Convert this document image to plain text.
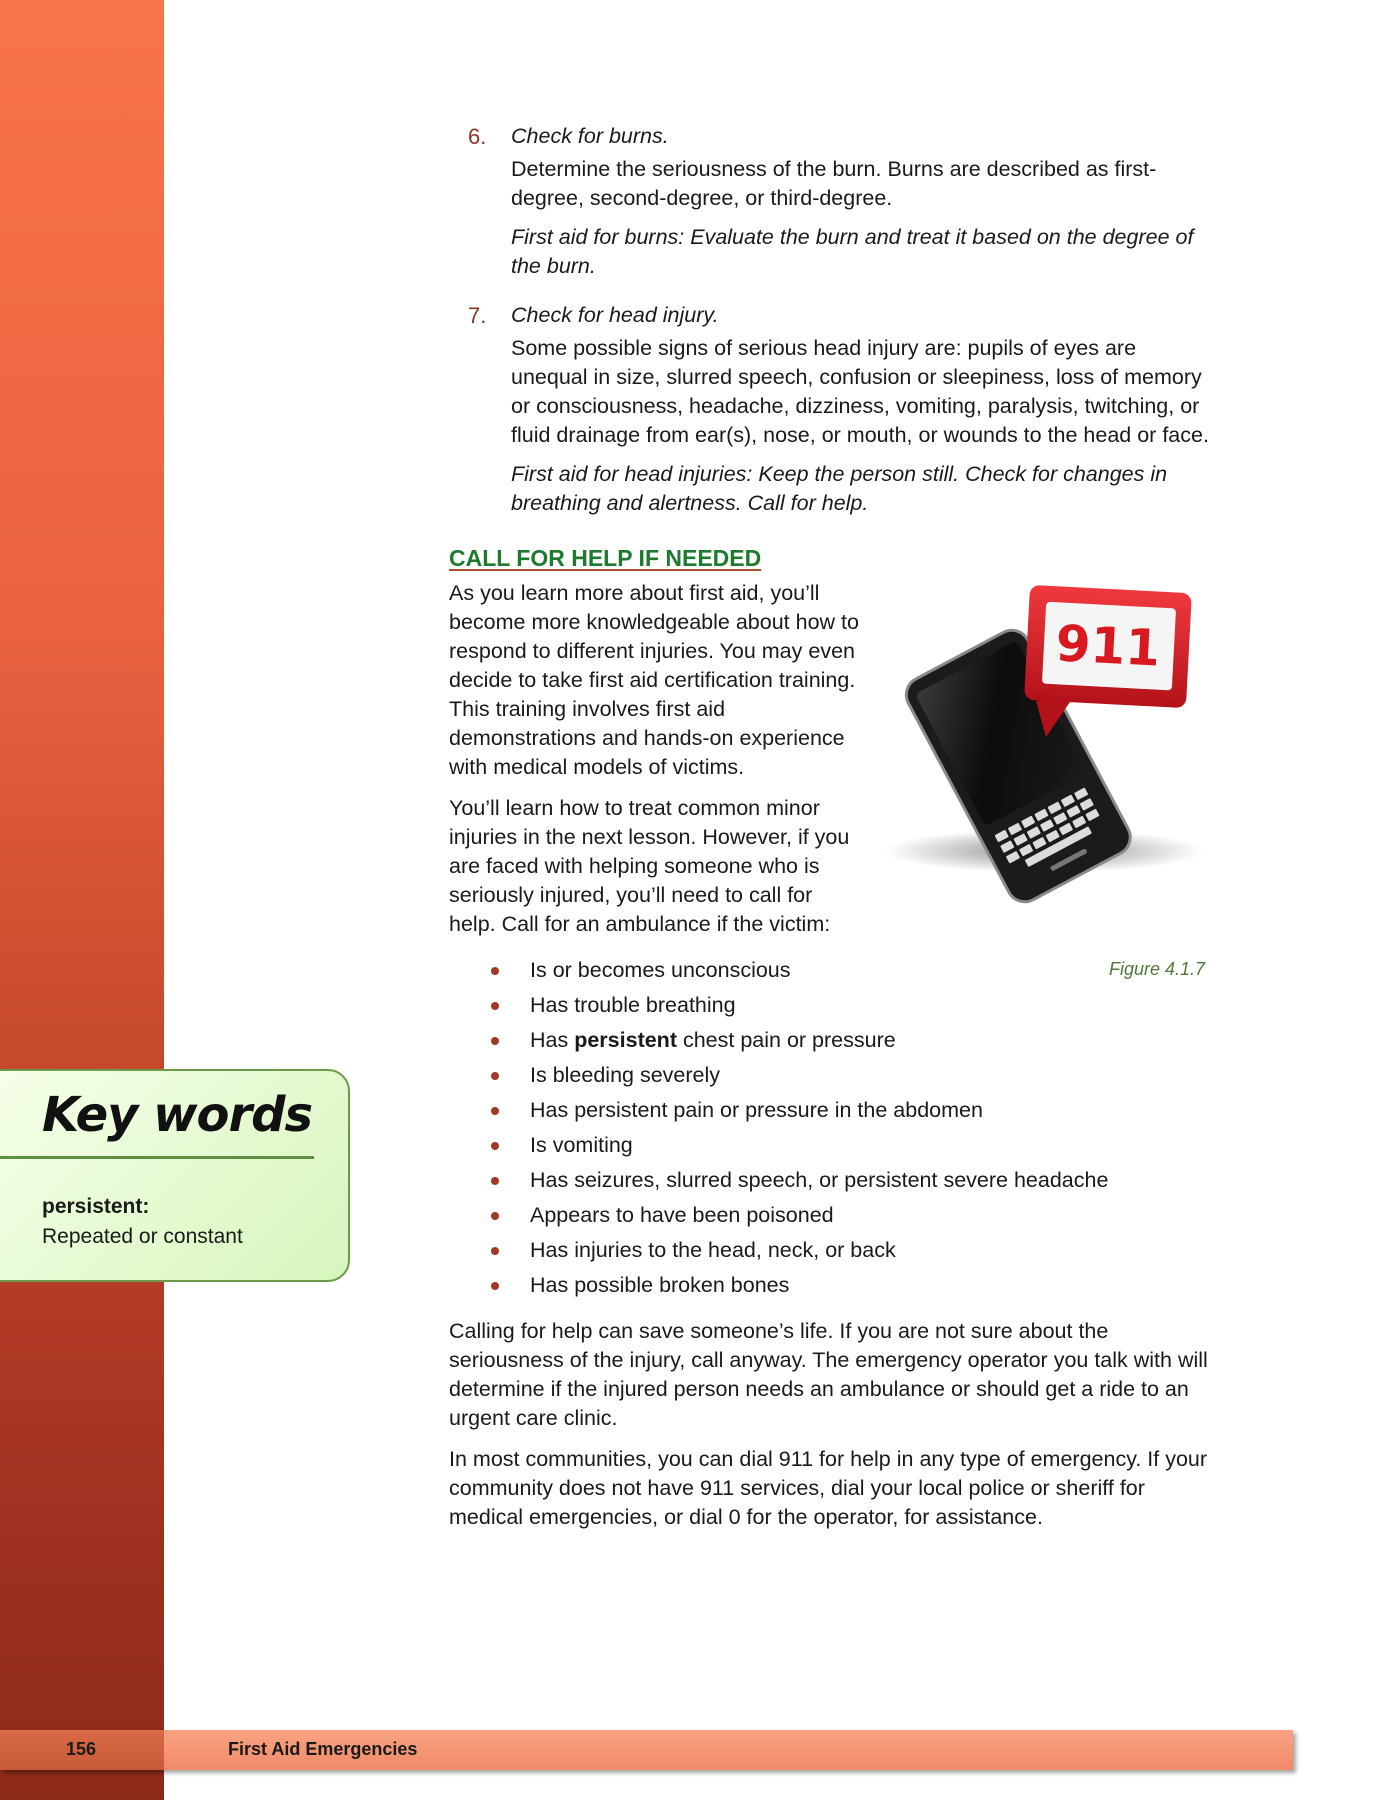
6. Check for burns.

Determine the seriousness of the burn. Burns are described as first-degree, second-degree, or third-degree.

First aid for burns: Evaluate the burn and treat it based on the degree of the burn.

7. Check for head injury.

Some possible signs of serious head injury are: pupils of eyes are unequal in size, slurred speech, confusion or sleepiness, loss of memory or consciousness, headache, dizziness, vomiting, paralysis, twitching, or fluid drainage from ear(s), nose, or mouth, or wounds to the head or face.

First aid for head injuries: Keep the person still. Check for changes in breathing and alertness. Call for help.

CALL FOR HELP IF NEEDED

As you learn more about first aid, you’ll become more knowledgeable about how to respond to different injuries. You may even decide to take first aid certification training. This training involves first aid demonstrations and hands-on experience with medical models of victims.

You’ll learn how to treat common minor injuries in the next lesson. However, if you are faced with helping someone who is seriously injured, you’ll need to call for help. Call for an ambulance if the victim:

911
Figure 4.1.7
Is or becomes unconscious
Has trouble breathing
Has persistent chest pain or pressure
Is bleeding severely
Has persistent pain or pressure in the abdomen
Is vomiting
Has seizures, slurred speech, or persistent severe headache
Appears to have been poisoned
Has injuries to the head, neck, or back
Has possible broken bones

Calling for help can save someone’s life. If you are not sure about the seriousness of the injury, call anyway. The emergency operator you talk with will determine if the injured person needs an ambulance or should get a ride to an urgent care clinic.

In most communities, you can dial 911 for help in any type of emergency. If your community does not have 911 services, dial your local police or sheriff for medical emergencies, or dial 0 for the operator, for assistance.

Key words
persistent:
Repeated or constant
156	First Aid Emergencies
